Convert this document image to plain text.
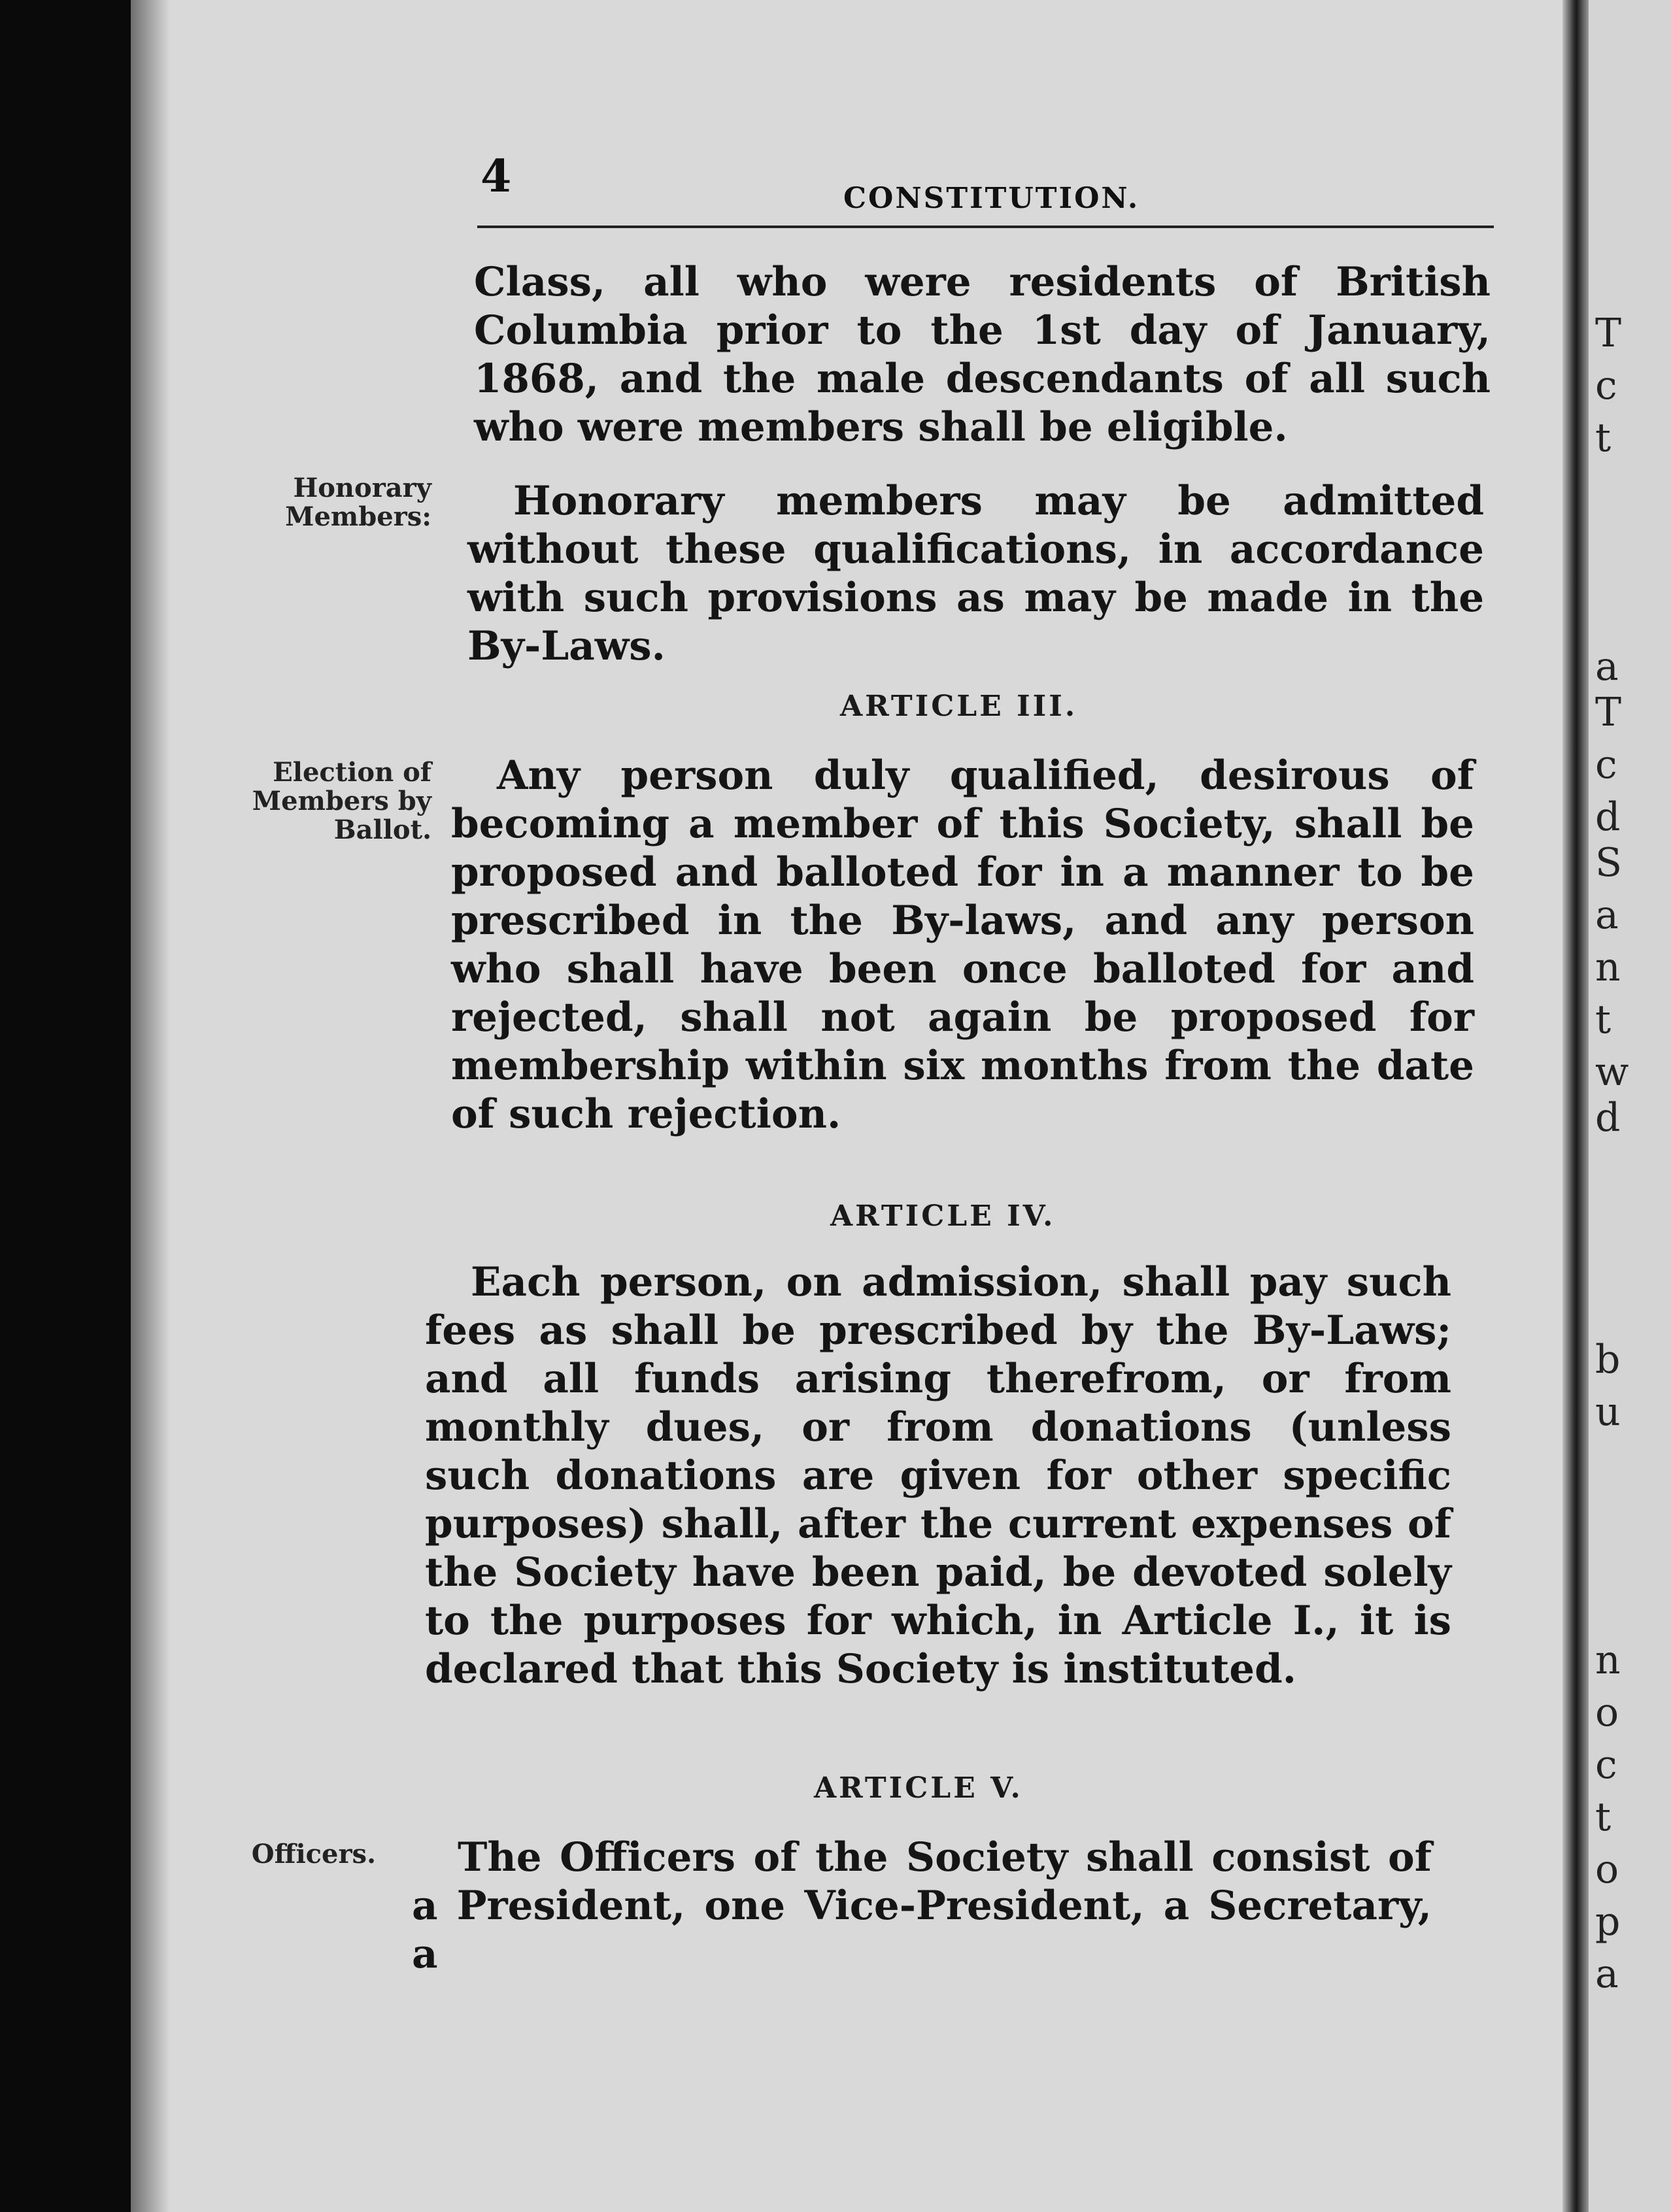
T
c
t
a
T
c
d
S
a
n
t
w
d
b
u
n
o
c
t
o
p
a
4	CONSTITUTION.

Class, all who were residents of British Columbia prior to the 1st day of January, 1868, and the male descendants of all such who were members shall be eligible.

Honorary Members:	Honorary members may be admitted without these qualifications, in accordance with such provisions as may be made in the By-Laws.

ARTICLE III.
Election of Members by Ballot.

Any person duly qualified, desirous of becoming a member of this Society, shall be proposed and balloted for in a manner to be prescribed in the By-laws, and any person who shall have been once balloted for and rejected, shall not again be proposed for membership within six months from the date of such rejection.

ARTICLE IV.

Each person, on admission, shall pay such fees as shall be prescribed by the By-Laws; and all funds arising therefrom, or from monthly dues, or from donations (unless such donations are given for other specific purposes) shall, after the current expenses of the Society have been paid, be devoted solely to the purposes for which, in Article I., it is declared that this Society is instituted.

ARTICLE V.
Officers.	The Officers of the Society shall consist of a President, one Vice-President, a Secretary, a
